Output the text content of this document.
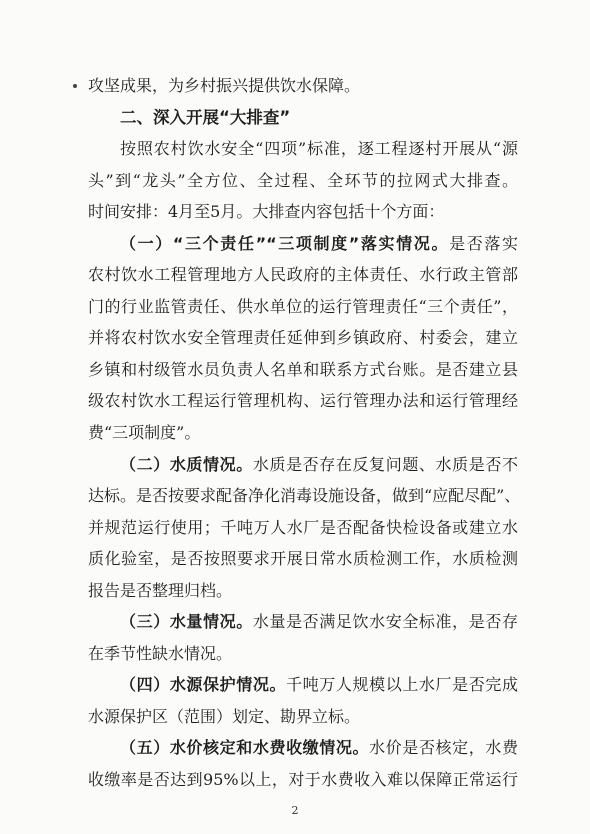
攻坚成果，为乡村振兴提供饮水保障。
二、深入开展“大排查”
按照农村饮水安全“四项”标准，逐工程逐村开展从“源
头”到“龙头”全方位、全过程、全环节的拉网式大排查。
时间安排：4月至5月。大排查内容包括十个方面：
（一）“三个责任”“三项制度”落实情况。是否落实
农村饮水工程管理地方人民政府的主体责任、水行政主管部
门的行业监管责任、供水单位的运行管理责任“三个责任”，
并将农村饮水安全管理责任延伸到乡镇政府、村委会，建立
乡镇和村级管水员负责人名单和联系方式台账。是否建立县
级农村饮水工程运行管理机构、运行管理办法和运行管理经
费“三项制度”。
（二）水质情况。水质是否存在反复问题、水质是否不
达标。是否按要求配备净化消毒设施设备，做到“应配尽配”、
并规范运行使用；千吨万人水厂是否配备快检设备或建立水
质化验室，是否按照要求开展日常水质检测工作，水质检测
报告是否整理归档。
（三）水量情况。水量是否满足饮水安全标准，是否存
在季节性缺水情况。
（四）水源保护情况。千吨万人规模以上水厂是否完成
水源保护区（范围）划定、勘界立标。
2
（五）水价核定和水费收缴情况。水价是否核定，水费
收缴率是否达到95%以上，对于水费收入难以保障正常运行
